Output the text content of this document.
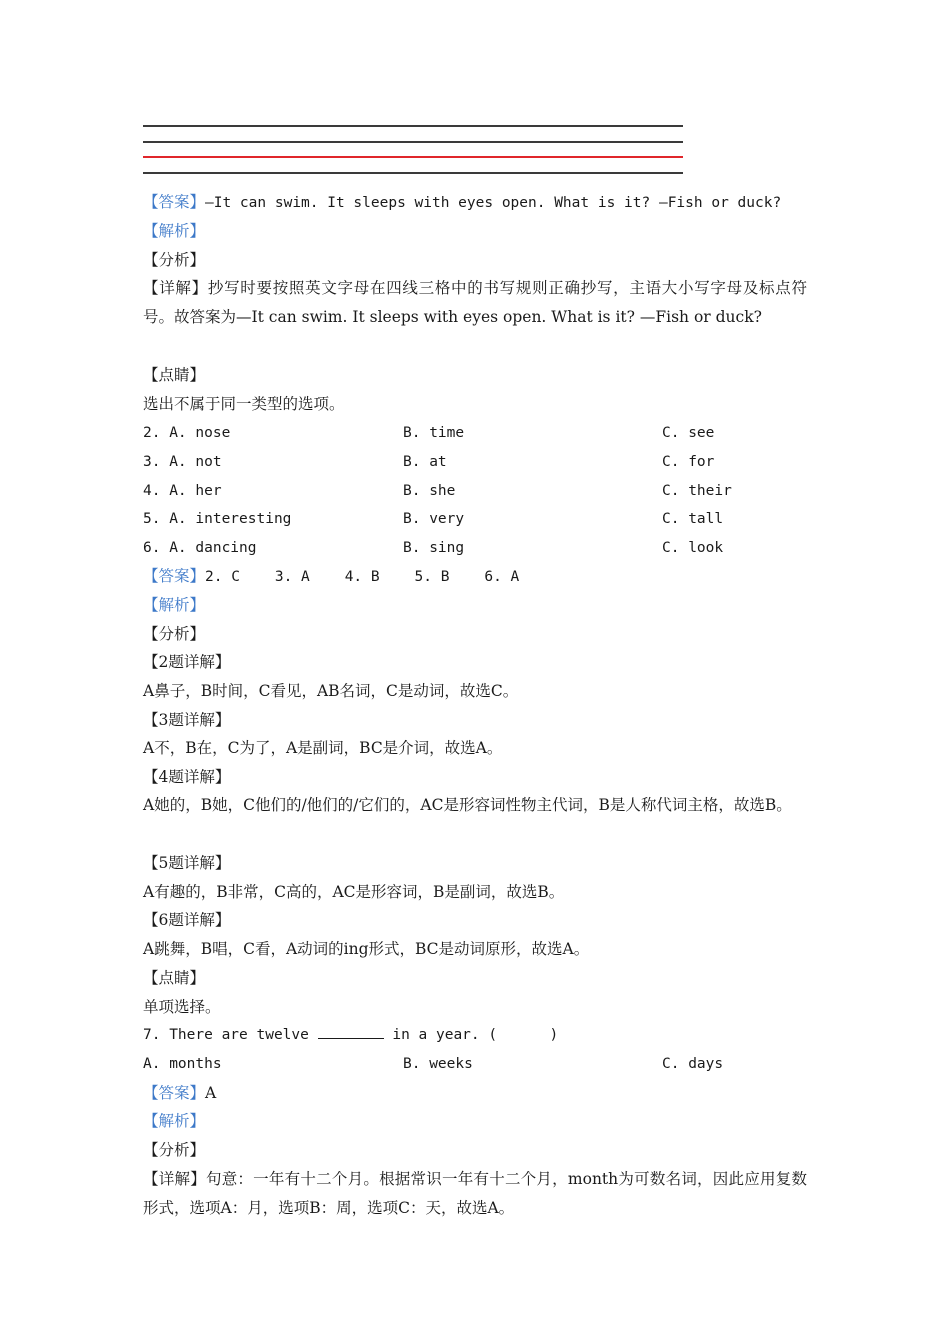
【答案】—It can swim. It sleeps with eyes open. What is it? —Fish or duck?
【解析】
【分析】
【详解】抄写时要按照英文字母在四线三格中的书写规则正确抄写，主语大小写字母及标点符号。故答案为—It can swim. It sleeps with eyes open. What is it? —Fish or duck?
【点睛】
选出不属于同一类型的选项。
2. A. nose	B. time	C. see
3. A. not	B. at	C. for
4. A. her	B. she	C. their
5. A. interesting	B. very	C. tall
6. A. dancing	B. sing	C. look
【答案】2. C    3. A    4. B    5. B    6. A
【解析】
【分析】
【2题详解】
A鼻子，B时间，C看见，AB名词，C是动词，故选C。
【3题详解】
A不，B在，C为了，A是副词，BC是介词，故选A。
【4题详解】
A她的，B她，C他们的/他们的/它们的，AC是形容词性物主代词，B是人称代词主格，故选B。
【5题详解】
A有趣的，B非常，C高的，AC是形容词，B是副词，故选B。
【6题详解】
A跳舞，B唱，C看，A动词的ing形式，BC是动词原形，故选A。
【点睛】
单项选择。
7. There are twelve	in a year. (      )
A. months	B. weeks	C. days
【答案】A
【解析】
【分析】
【详解】句意：一年有十二个月。根据常识一年有十二个月，month为可数名词，因此应用复数形式，选项A：月，选项B：周，选项C：天，故选A。
